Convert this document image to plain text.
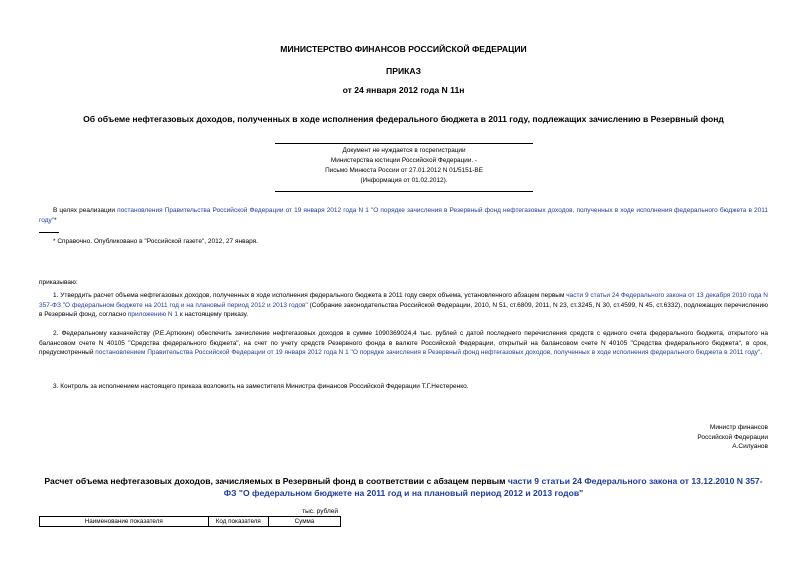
МИНИСТЕРСТВО ФИНАНСОВ РОССИЙСКОЙ ФЕДЕРАЦИИ
ПРИКАЗ
от 24 января 2012 года N 11н
Об объеме нефтегазовых доходов, полученных в ходе исполнения федерального бюджета в 2011 году, подлежащих зачислению в Резервный фонд
Документ не нуждается в госрегистрации
Министерства юстиции Российской Федерации. -
Письмо Минюста России от 27.01.2012 N 01/5151-ВЕ
(Информация от 01.02.2012).
В целях реализации постановления Правительства Российской Федерации от 19 января 2012 года N 1 "О порядке зачисления в Резервный фонд нефтегазовых доходов, полученных в ходе исполнения федерального бюджета в 2011 году"*
* Справочно. Опубликовано в "Российской газете", 2012, 27 января.
приказываю:
1. Утвердить расчет объема нефтегазовых доходов, полученных в ходе исполнения федерального бюджета в 2011 году сверх объема, установленного абзацем первым части 9 статьи 24 Федерального закона от 13 декабря 2010 года N 357-ФЗ "О федеральном бюджете на 2011 год и на плановый период 2012 и 2013 годов" (Собрание законодательства Российской Федерации, 2010, N 51, ст.6809, 2011, N 23, ст.3245, N 30, ст.4599, N 45, ст.6332), подлежащих перечислению в Резервный фонд, согласно приложению N 1 к настоящему приказу.
2. Федеральному казначейству (Р.Е.Артюхин) обеспечить зачисление нефтегазовых доходов в сумме 1090369024,4 тыс. рублей с датой последнего перечисления средств с единого счета федерального бюджета, открытого на балансовом счете N 40105 "Средства федерального бюджета", на счет по учету средств Резервного фонда в валюте Российской Федерации, открытый на балансовом счете N 40105 "Средства федерального бюджета", в срок, предусмотренный постановлением Правительства Российской Федерации от 19 января 2012 года N 1 "О порядке зачисления в Резервный фонд нефтегазовых доходов, полученных в ходе исполнения федерального бюджета в 2011 году".
3. Контроль за исполнением настоящего приказа возложить на заместителя Министра финансов Российской Федерации Т.Г.Нестеренко.
Министр финансов
Российской Федерации
А.Силуанов
Расчет объема нефтегазовых доходов, зачисляемых в Резервный фонд в соответствии с абзацем первым части 9 статьи 24 Федерального закона от 13.12.2010 N 357-ФЗ "О федеральном бюджете на 2011 год и на плановый период 2012 и 2013 годов"
тыс. рублей
Наименование показателя	Код показателя	Сумма
